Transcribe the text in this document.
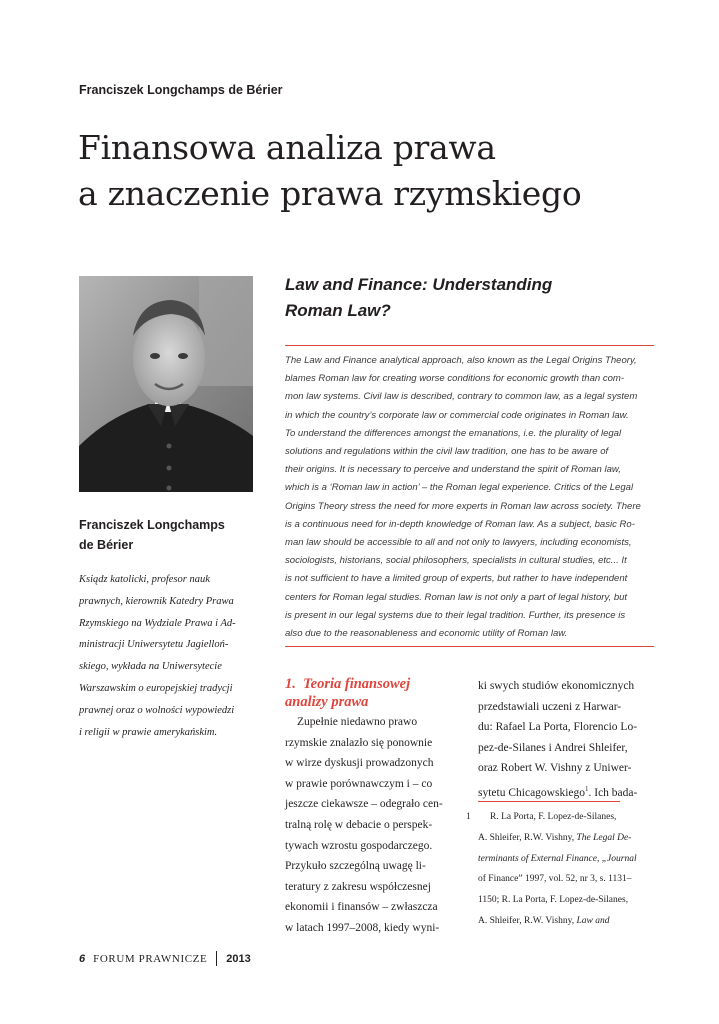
Franciszek Longchamps de Bérier
Finansowa analiza prawa
a znaczenie prawa rzymskiego
Franciszek Longchamps
de Bérier
Ksiądz katolicki, profesor nauk
prawnych, kierownik Katedry Prawa
Rzymskiego na Wydziale Prawa i Ad-
ministracji Uniwersytetu Jagielloń-
skiego, wykłada na Uniwersytecie
Warszawskim o europejskiej tradycji
prawnej oraz o wolności wypowiedzi
i religii w prawie amerykańskim.
Law and Finance: Understanding
Roman Law?
The Law and Finance analytical approach, also known as the Legal Origins Theory,
blames Roman law for creating worse conditions for economic growth than com-
mon law systems. Civil law is described, contrary to common law, as a legal system
in which the country’s corporate law or commercial code originates in Roman law.
To understand the differences amongst the emanations, i.e. the plurality of legal
solutions and regulations within the civil law tradition, one has to be aware of
their origins. It is necessary to perceive and understand the spirit of Roman law,
which is a ‘Roman law in action’ – the Roman legal experience. Critics of the Legal
Origins Theory stress the need for more experts in Roman law across society. There
is a continuous need for in-depth knowledge of Roman law. As a subject, basic Ro-
man law should be accessible to all and not only to lawyers, including economists,
sociologists, historians, social philosophers, specialists in cultural studies, etc... It
is not sufficient to have a limited group of experts, but rather to have independent
centers for Roman legal studies. Roman law is not only a part of legal history, but
is present in our legal systems due to their legal tradition. Further, its presence is
also due to the reasonableness and economic utility of Roman law.
1. Teoria finansowej
analizy prawa
Zupełnie niedawno prawo
rzymskie znalazło się ponownie
w wirze dyskusji prowadzonych
w prawie porównawczym i – co
jeszcze ciekawsze – odegrało cen-
tralną rolę w debacie o perspek-
tywach wzrostu gospodarczego.
Przykuło szczególną uwagę li-
teratury z zakresu współczesnej
ekonomii i finansów – zwłaszcza
w latach 1997–2008, kiedy wyni-
ki swych studiów ekonomicznych
przedstawiali uczeni z Harwar-
du: Rafael La Porta, Florencio Lo-
pez-de-Silanes i Andrei Shleifer,
oraz Robert W. Vishny z Uniwer-
sytetu Chicagowskiego$^1$. Ich bada-
1 R. La Porta, F. Lopez-de-Silanes,
A. Shleifer, R.W. Vishny, The Legal De-
terminants of External Finance, „Journal
of Finance” 1997, vol. 52, nr 3, s. 1131–
1150; R. La Porta, F. Lopez-de-Silanes,
A. Shleifer, R.W. Vishny, Law and
6 FORUM PRAWNICZE 2013
